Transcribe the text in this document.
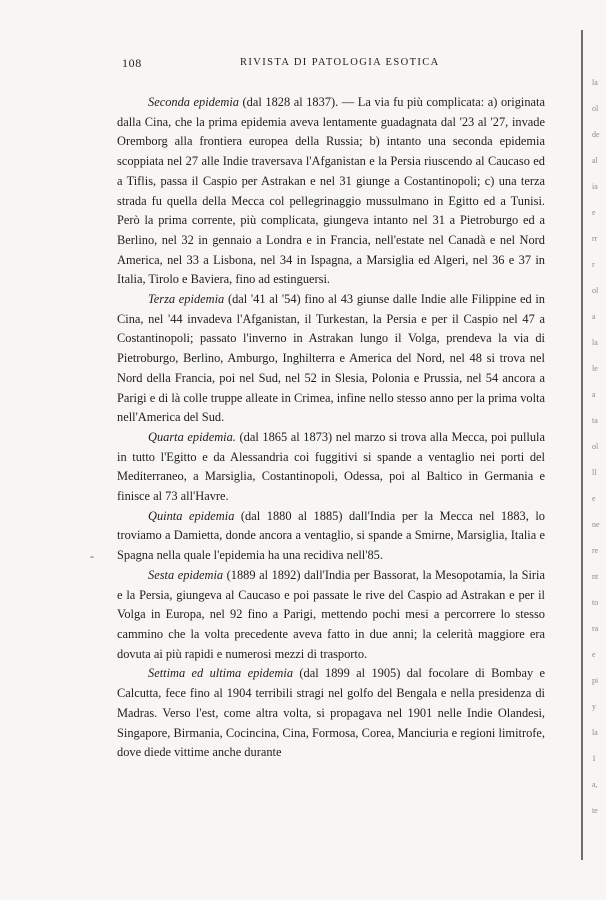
108	RIVISTA DI PATOLOGIA ESOTICA

Seconda epidemia (dal 1828 al 1837). — La via fu più complicata: a) originata dalla Cina, che la prima epidemia aveva lentamente guadagnata dal '23 al '27, invade Oremborg alla frontiera europea della Russia; b) intanto una seconda epidemia scoppiata nel 27 alle Indie traversava l'Afganistan e la Persia riuscendo al Caucaso ed a Tiflis, passa il Caspio per Astrakan e nel 31 giunge a Costantinopoli; c) una terza strada fu quella della Mecca col pellegrinaggio mussulmano in Egitto ed a Tunisi. Però la prima corrente, più complicata, giungeva intanto nel 31 a Pietroburgo ed a Berlino, nel 32 in gennaio a Londra e in Francia, nell'estate nel Canadà e nel Nord America, nel 33 a Lisbona, nel 34 in Ispagna, a Marsiglia ed Algeri, nel 36 e 37 in Italia, Tirolo e Baviera, fino ad estinguersi.

Terza epidemia (dal '41 al '54) fino al 43 giunse dalle Indie alle Filippine ed in Cina, nel '44 invadeva l'Afganistan, il Turkestan, la Persia e per il Caspio nel 47 a Costantinopoli; passato l'inverno in Astrakan lungo il Volga, prendeva la via di Pietroburgo, Berlino, Amburgo, Inghilterra e America del Nord, nel 48 si trova nel Nord della Francia, poi nel Sud, nel 52 in Slesia, Polonia e Prussia, nel 54 ancora a Parigi e di là colle truppe alleate in Crimea, infine nello stesso anno per la prima volta nell'America del Sud.

Quarta epidemia. (dal 1865 al 1873) nel marzo si trova alla Mecca, poi pullula in tutto l'Egitto e da Alessandria coi fuggitivi si spande a ventaglio nei porti del Mediterraneo, a Marsiglia, Costantinopoli, Odessa, poi al Baltico in Germania e finisce al 73 all'Havre.

Quinta epidemia (dal 1880 al 1885) dall'India per la Mecca nel 1883, lo troviamo a Damietta, donde ancora a ventaglio, si spande a Smirne, Marsiglia, Italia e Spagna nella quale l'epidemia ha una recidiva nell'85.

Sesta epidemia (1889 al 1892) dall'India per Bassorat, la Mesopotamia, la Siria e la Persia, giungeva al Caucaso e poi passate le rive del Caspio ad Astrakan e per il Volga in Europa, nel 92 fino a Parigi, mettendo pochi mesi a percorrere lo stesso cammino che la volta precedente aveva fatto in due anni; la celerità maggiore era dovuta ai più rapidi e numerosi mezzi di trasporto.

Settima ed ultima epidemia (dal 1899 al 1905) dal focolare di Bombay e Calcutta, fece fino al 1904 terribili stragi nel golfo del Bengala e nella presidenza di Madras. Verso l'est, come altra volta, si propagava nel 1901 nelle Indie Olandesi, Singapore, Birmania, Cocincina, Cina, Formosa, Corea, Manciuria e regioni limitrofe, dove diede vittime anche durante

-
la
ol
de
al
ia
e
rr
r
ol
a
la
le
a
ta
ol
ll
e
ne
re
nt
to
ra
e
pi
y
la
1
a,
te
